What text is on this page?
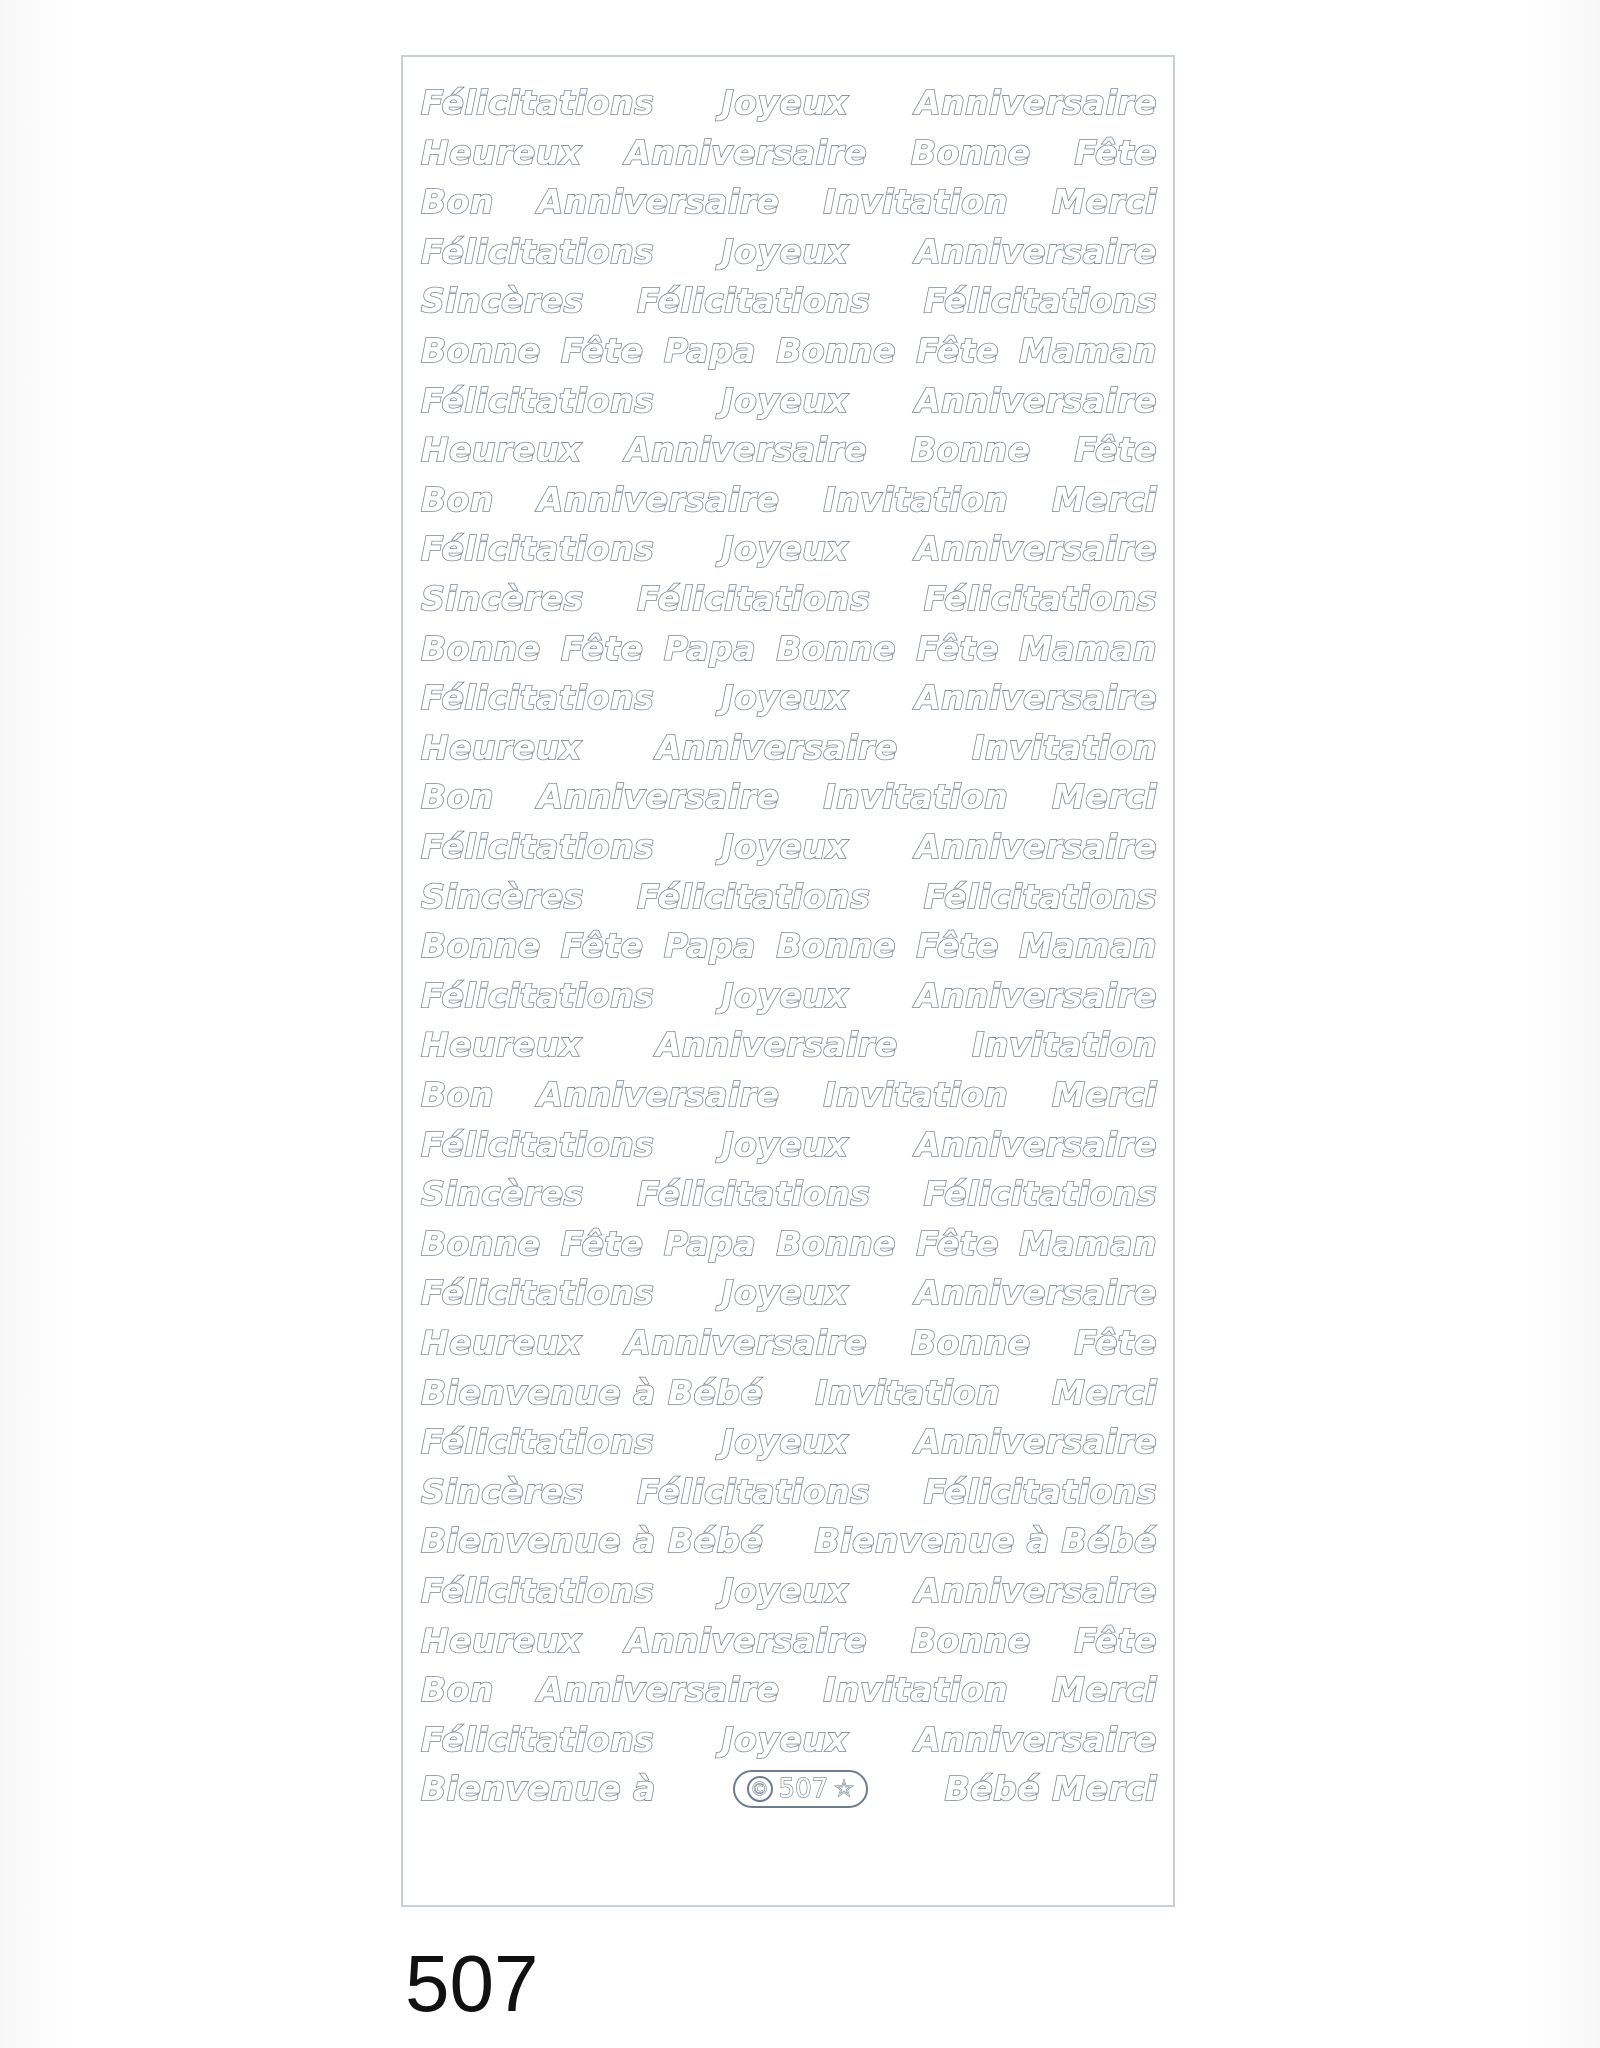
Félicitations Joyeux Anniversaire
Heureux Anniversaire Bonne Fête
Bon Anniversaire Invitation Merci
Félicitations Joyeux Anniversaire
Sincères Félicitations Félicitations
Bonne Fête Papa Bonne Fête Maman
Félicitations Joyeux Anniversaire
Heureux Anniversaire Bonne Fête
Bon Anniversaire Invitation Merci
Félicitations Joyeux Anniversaire
Sincères Félicitations Félicitations
Bonne Fête Papa Bonne Fête Maman
Félicitations Joyeux Anniversaire
Heureux Anniversaire Invitation
Bon Anniversaire Invitation Merci
Félicitations Joyeux Anniversaire
Sincères Félicitations Félicitations
Bonne Fête Papa Bonne Fête Maman
Félicitations Joyeux Anniversaire
Heureux Anniversaire Invitation
Bon Anniversaire Invitation Merci
Félicitations Joyeux Anniversaire
Sincères Félicitations Félicitations
Bonne Fête Papa Bonne Fête Maman
Félicitations Joyeux Anniversaire
Heureux Anniversaire Bonne Fête
Bienvenue à Bébé Invitation Merci
Félicitations Joyeux Anniversaire
Sincères Félicitations Félicitations
Bienvenue à Bébé Bienvenue à Bébé
Félicitations Joyeux Anniversaire
Heureux Anniversaire Bonne Fête
Bon Anniversaire Invitation Merci
Félicitations Joyeux Anniversaire
Bienvenue à	© 507 ☆	Bébé Merci
507
